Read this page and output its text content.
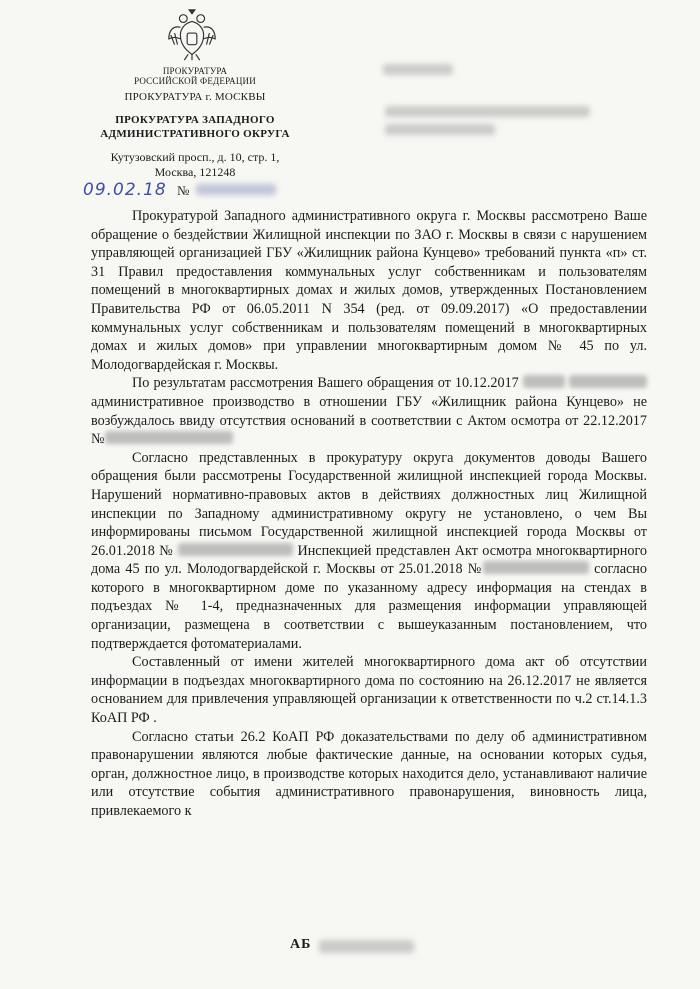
ПРОКУРАТУРА
РОССИЙСКОЙ ФЕДЕРАЦИИ
ПРОКУРАТУРА г. МОСКВЫ
ПРОКУРАТУРА ЗАПАДНОГО
АДМИНИСТРАТИВНОГО ОКРУГА
Кутузовский просп., д. 10, стр. 1,
Москва, 121248
09.02.18 №

Прокуратурой Западного административного округа г. Москвы рассмотрено Ваше обращение о бездействии Жилищной инспекции по ЗАО г. Москвы в связи с нарушением управляющей организацией ГБУ «Жилищник района Кунцево» требований пункта «п» ст. 31 Правил предоставления коммунальных услуг собственникам и пользователям помещений в многоквартирных домах и жилых домов, утвержденных Постановлением Правительства РФ от 06.05.2011 N 354 (ред. от 09.09.2017) «О предоставлении коммунальных услуг собственникам и пользователям помещений в многоквартирных домах и жилых домов» при управлении многоквартирным домом № 45 по ул. Молодогвардейская г. Москвы.

По результатам рассмотрения Вашего обращения от 10.12.2017   административное производство в отношении ГБУ «Жилищник района Кунцево» не возбуждалось ввиду отсутствия оснований в соответствии с Актом осмотра от 22.12.2017 №

Согласно представленных в прокуратуру округа документов доводы Вашего обращения были рассмотрены Государственной жилищной инспекцией города Москвы. Нарушений нормативно-правовых актов в действиях должностных лиц Жилищной инспекции по Западному административному округу не установлено, о чем Вы информированы письмом Государственной жилищной инспекцией города Москвы от 26.01.2018 №	Инспекцией представлен Акт осмотра многоквартирного дома 45 по ул. Молодогвардейской г. Москвы от 25.01.2018 №	согласно которого в многоквартирном доме по указанному адресу информация на стендах в подъездах № 1-4, предназначенных для размещения информации управляющей организации, размещена в соответствии с вышеуказанным постановлением, что подтверждается фотоматериалами.

Составленный от имени жителей многоквартирного дома акт об отсутствии информации в подъездах многоквартирного дома по состоянию на 26.12.2017 не является основанием для привлечения управляющей организации к ответственности по ч.2 ст.14.1.3 КоАП РФ .

Согласно статьи 26.2 КоАП РФ доказательствами по делу об административном правонарушении являются любые фактические данные, на основании которых судья, орган, должностное лицо, в производстве которых находится дело, устанавливают наличие или отсутствие события административного правонарушения, виновность лица, привлекаемого к

АБ
